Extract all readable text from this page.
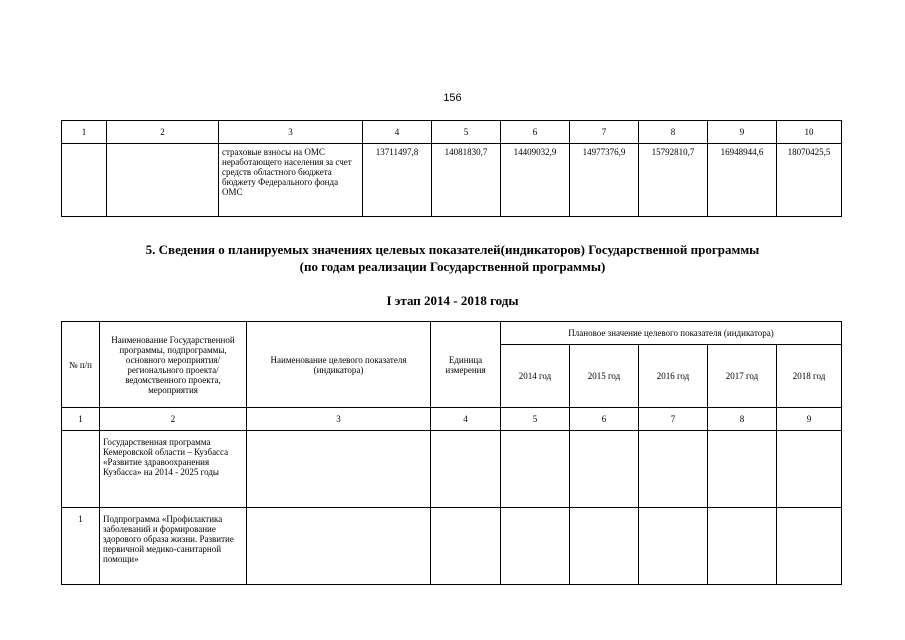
156
1	2	3	4	5	6	7	8	9	10
		страховые взносы на ОМС неработающего населения за счет средств областного бюджета бюджету Федерального фонда ОМС	13711497,8	14081830,7	14409032,9	14977376,9	15792810,7	16948944,6	18070425,5
5. Сведения о планируемых значениях целевых показателей(индикаторов) Государственной программы
(по годам реализации Государственной программы)
I этап 2014 - 2018 годы
№ п/п	Наименование Государственной программы, подпрограммы, основного мероприятия/регионального проекта/ведомственного проекта, мероприятия	Наименование целевого показателя (индикатора)	Единица измерения	Плановое значение целевого показателя (индикатора)				
				2014 год	2015 год	2016 год	2017 год	2018 год
1	2	3	4	5	6	7	8	9
	Государственная программа Кемеровской области – Кузбасса «Развитие здравоохранения Кузбасса» на 2014 - 2025 годы							
1	Подпрограмма «Профилактика заболеваний и формирование здорового образа жизни. Развитие первичной медико-санитарной помощи»							
